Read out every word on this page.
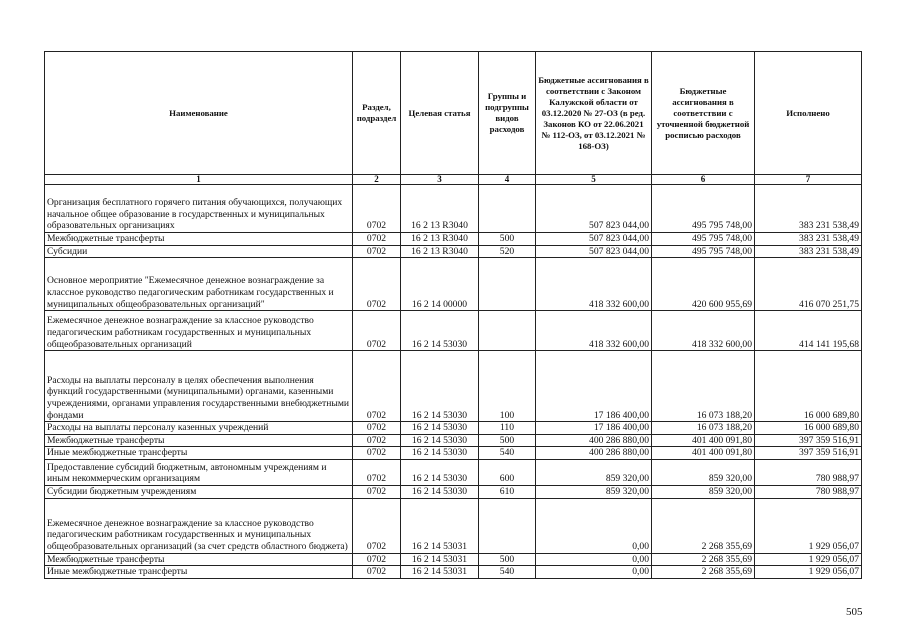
Наименование	Раздел, подраздел	Целевая статья	Группы и подгруппы видов расходов	Бюджетные ассигнования в соответствии с Законом Калужской области от 03.12.2020 № 27-ОЗ (в ред. Законов КО от 22.06.2021 № 112-ОЗ, от 03.12.2021 № 168-ОЗ)	Бюджетные ассигнования в соответствии с уточненной бюджетной росписью расходов	Исполнено
1	2	3	4	5	6	7
Организация бесплатного горячего питания обучающихся, получающих начальное общее образование в государственных и муниципальных образовательных организациях	0702	16 2 13 R3040		507 823 044,00	495 795 748,00	383 231 538,49
Межбюджетные трансферты	0702	16 2 13 R3040	500	507 823 044,00	495 795 748,00	383 231 538,49
Субсидии	0702	16 2 13 R3040	520	507 823 044,00	495 795 748,00	383 231 538,49
Основное мероприятие "Ежемесячное денежное вознаграждение за классное руководство педагогическим работникам государственных и муниципальных общеобразовательных организаций"	0702	16 2 14 00000		418 332 600,00	420 600 955,69	416 070 251,75
Ежемесячное денежное вознаграждение за классное руководство педагогическим работникам государственных и муниципальных общеобразовательных организаций	0702	16 2 14 53030		418 332 600,00	418 332 600,00	414 141 195,68
Расходы на выплаты персоналу в целях обеспечения выполнения функций государственными (муниципальными) органами, казенными учреждениями, органами управления государственными внебюджетными фондами	0702	16 2 14 53030	100	17 186 400,00	16 073 188,20	16 000 689,80
Расходы на выплаты персоналу казенных учреждений	0702	16 2 14 53030	110	17 186 400,00	16 073 188,20	16 000 689,80
Межбюджетные трансферты	0702	16 2 14 53030	500	400 286 880,00	401 400 091,80	397 359 516,91
Иные межбюджетные трансферты	0702	16 2 14 53030	540	400 286 880,00	401 400 091,80	397 359 516,91
Предоставление субсидий бюджетным, автономным учреждениям и иным некоммерческим организациям	0702	16 2 14 53030	600	859 320,00	859 320,00	780 988,97
Субсидии бюджетным учреждениям	0702	16 2 14 53030	610	859 320,00	859 320,00	780 988,97
Ежемесячное денежное вознаграждение за классное руководство педагогическим работникам государственных и муниципальных общеобразовательных организаций (за счет средств областного бюджета)	0702	16 2 14 53031		0,00	2 268 355,69	1 929 056,07
Межбюджетные трансферты	0702	16 2 14 53031	500	0,00	2 268 355,69	1 929 056,07
Иные межбюджетные трансферты	0702	16 2 14 53031	540	0,00	2 268 355,69	1 929 056,07
505
